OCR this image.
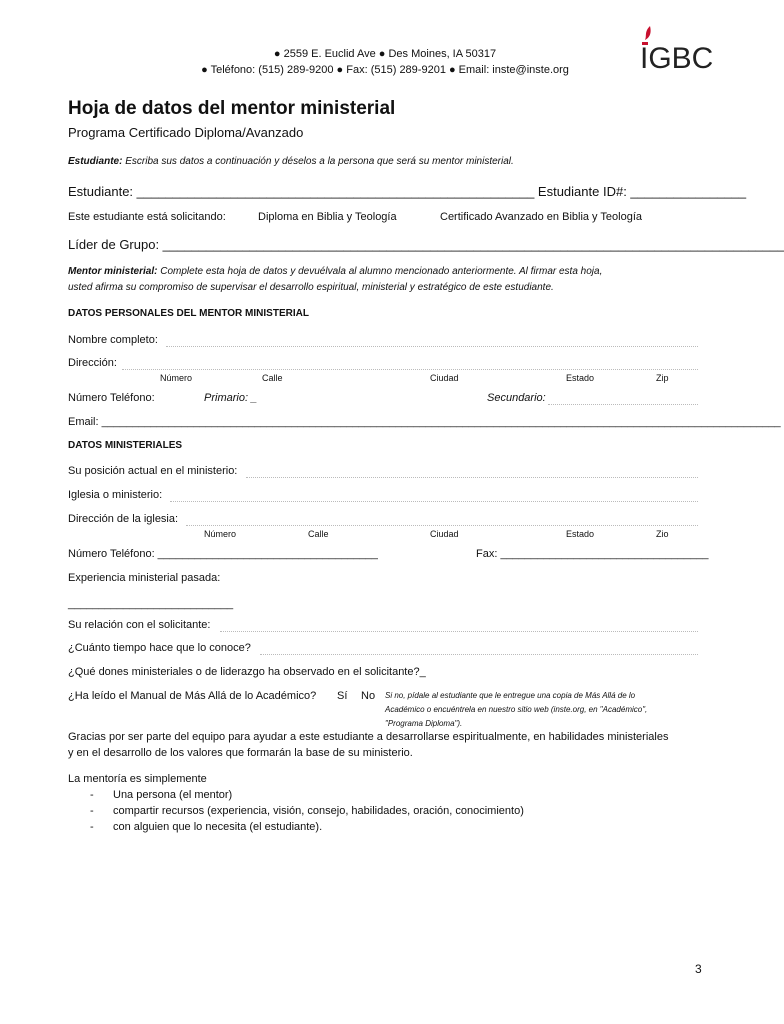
● 2559 E. Euclid Ave ● Des Moines, IA 50317
● Teléfono: (515) 289-9200 ● Fax: (515) 289-9201 ● Email: inste@inste.org	IGBC
Hoja de datos del mentor ministerial
Programa Certificado Diploma/Avanzado
Estudiante: Escriba sus datos a continuación y déselos a la persona que será su mentor ministerial.
Estudiante: _______________________________________________________ Estudiante ID#: ________________
Este estudiante está solicitando:	Diploma en Biblia y Teología	Certificado Avanzado en Biblia y Teología
Líder de Grupo: ______________________________________________________________________________________
Mentor ministerial: Complete esta hoja de datos y devuélvala al alumno mencionado anteriormente. Al firmar esta hoja,
usted afirma su compromiso de supervisar el desarrollo espiritual, ministerial y estratégico de este estudiante.
DATOS PERSONALES DEL MENTOR MINISTERIAL
Nombre completo:
Dirección:
Número	Calle	Ciudad	Estado	Zip
Número Teléfono:	Primario: _	Secundario:
Email: _______________________________________________________________________________________________________________
DATOS MINISTERIALES
Su posición actual en el ministerio:
Iglesia o ministerio:
Dirección de la iglesia:
Número	Calle	Ciudad	Estado	Zio
Número Teléfono: ____________________________________	Fax: __________________________________
Experiencia ministerial pasada:
___________________________
Su relación con el solicitante:
¿Cuánto tiempo hace que lo conoce?
¿Qué dones ministeriales o de liderazgo ha observado en el solicitante?_
¿Ha leído el Manual de Más Allá de lo Académico? Sí No Si no, pídale al estudiante que le entregue una copia de Más Allá de lo
Académico o encuéntrela en nuestro sitio web (inste.org, en "Académico",
"Programa Diploma").
Gracias por ser parte del equipo para ayudar a este estudiante a desarrollarse espiritualmente, en habilidades ministeriales
y en el desarrollo de los valores que formarán la base de su ministerio.
La mentoría es simplemente
- Una persona (el mentor)
- compartir recursos (experiencia, visión, consejo, habilidades, oración, conocimiento)
- con alguien que lo necesita (el estudiante).
3
